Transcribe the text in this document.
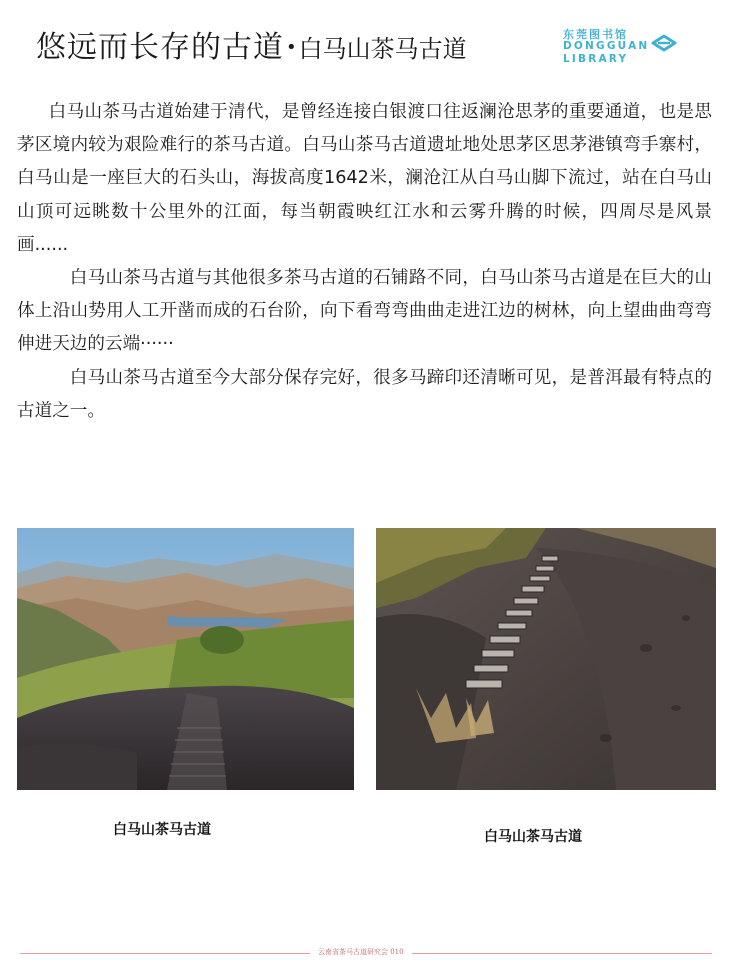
悠远而长存的古道 •白马山茶马古道
东莞图书馆
DONGGUAN
LIBRARY

白马山茶马古道始建于清代，是曾经连接白银渡口往返澜沧思茅的重要通道，也是思茅区境内较为艰险难行的茶马古道。白马山茶马古道遗址地处思茅区思茅港镇弯手寨村，白马山是一座巨大的石头山，海拔高度1642米，澜沧江从白马山脚下流过，站在白马山山顶可远眺数十公里外的江面，每当朝霞映红江水和云雾升腾的时候，四周尽是风景画......

白马山茶马古道与其他很多茶马古道的石铺路不同，白马山茶马古道是在巨大的山体上沿山势用人工开凿而成的石台阶，向下看弯弯曲曲走进江边的树林，向上望曲曲弯弯伸进天边的云端······

白马山茶马古道至今大部分保存完好，很多马蹄印还清晰可见，是普洱最有特点的古道之一。

白马山茶马古道	白马山茶马古道
云南省茶马古道研究会 010
